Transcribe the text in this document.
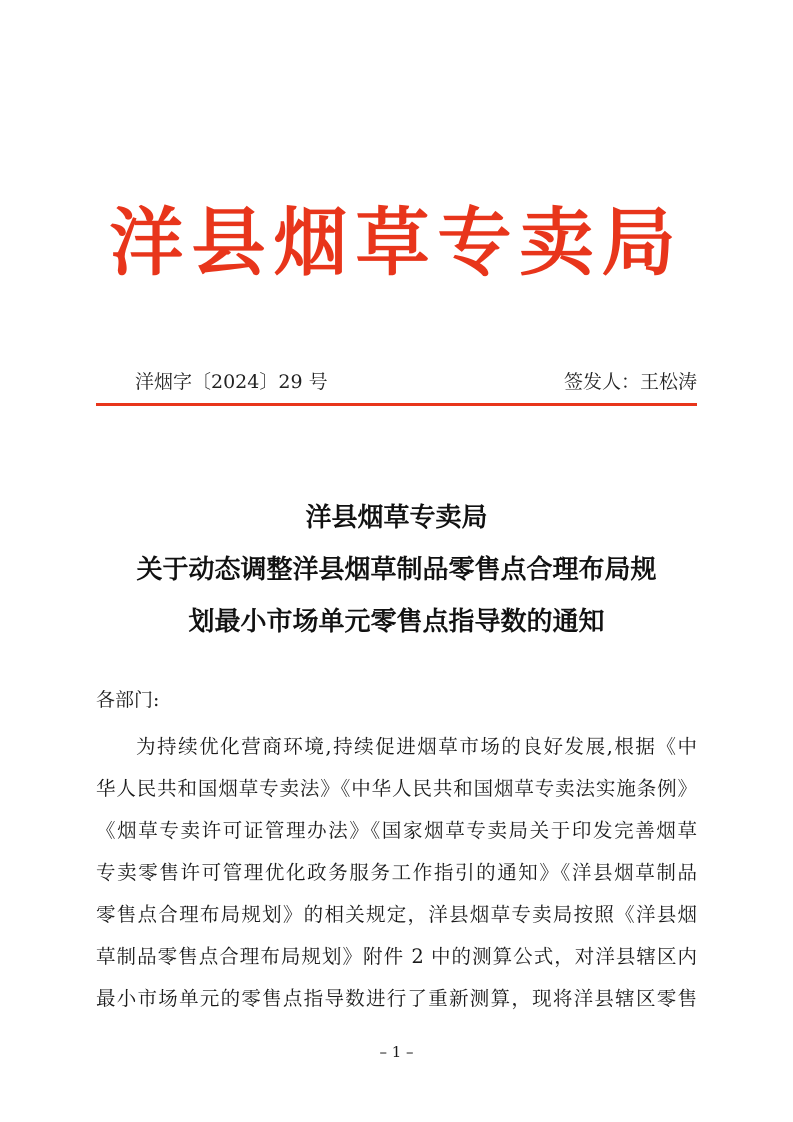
洋县烟草专卖局
洋烟字〔2024〕29 号	签发人：王松涛
洋县烟草专卖局
关于动态调整洋县烟草制品零售点合理布局规
划最小市场单元零售点指导数的通知
各部门:
为持续优化营商环境,持续促进烟草市场的良好发展,根据《中
华人民共和国烟草专卖法》《中华人民共和国烟草专卖法实施条例》
《烟草专卖许可证管理办法》《国家烟草专卖局关于印发完善烟草
专卖零售许可管理优化政务服务工作指引的通知》《洋县烟草制品
零售点合理布局规划》的相关规定，洋县烟草专卖局按照《洋县烟
草制品零售点合理布局规划》附件 2 中的测算公式，对洋县辖区内
最小市场单元的零售点指导数进行了重新测算，现将洋县辖区零售
– 1 –
